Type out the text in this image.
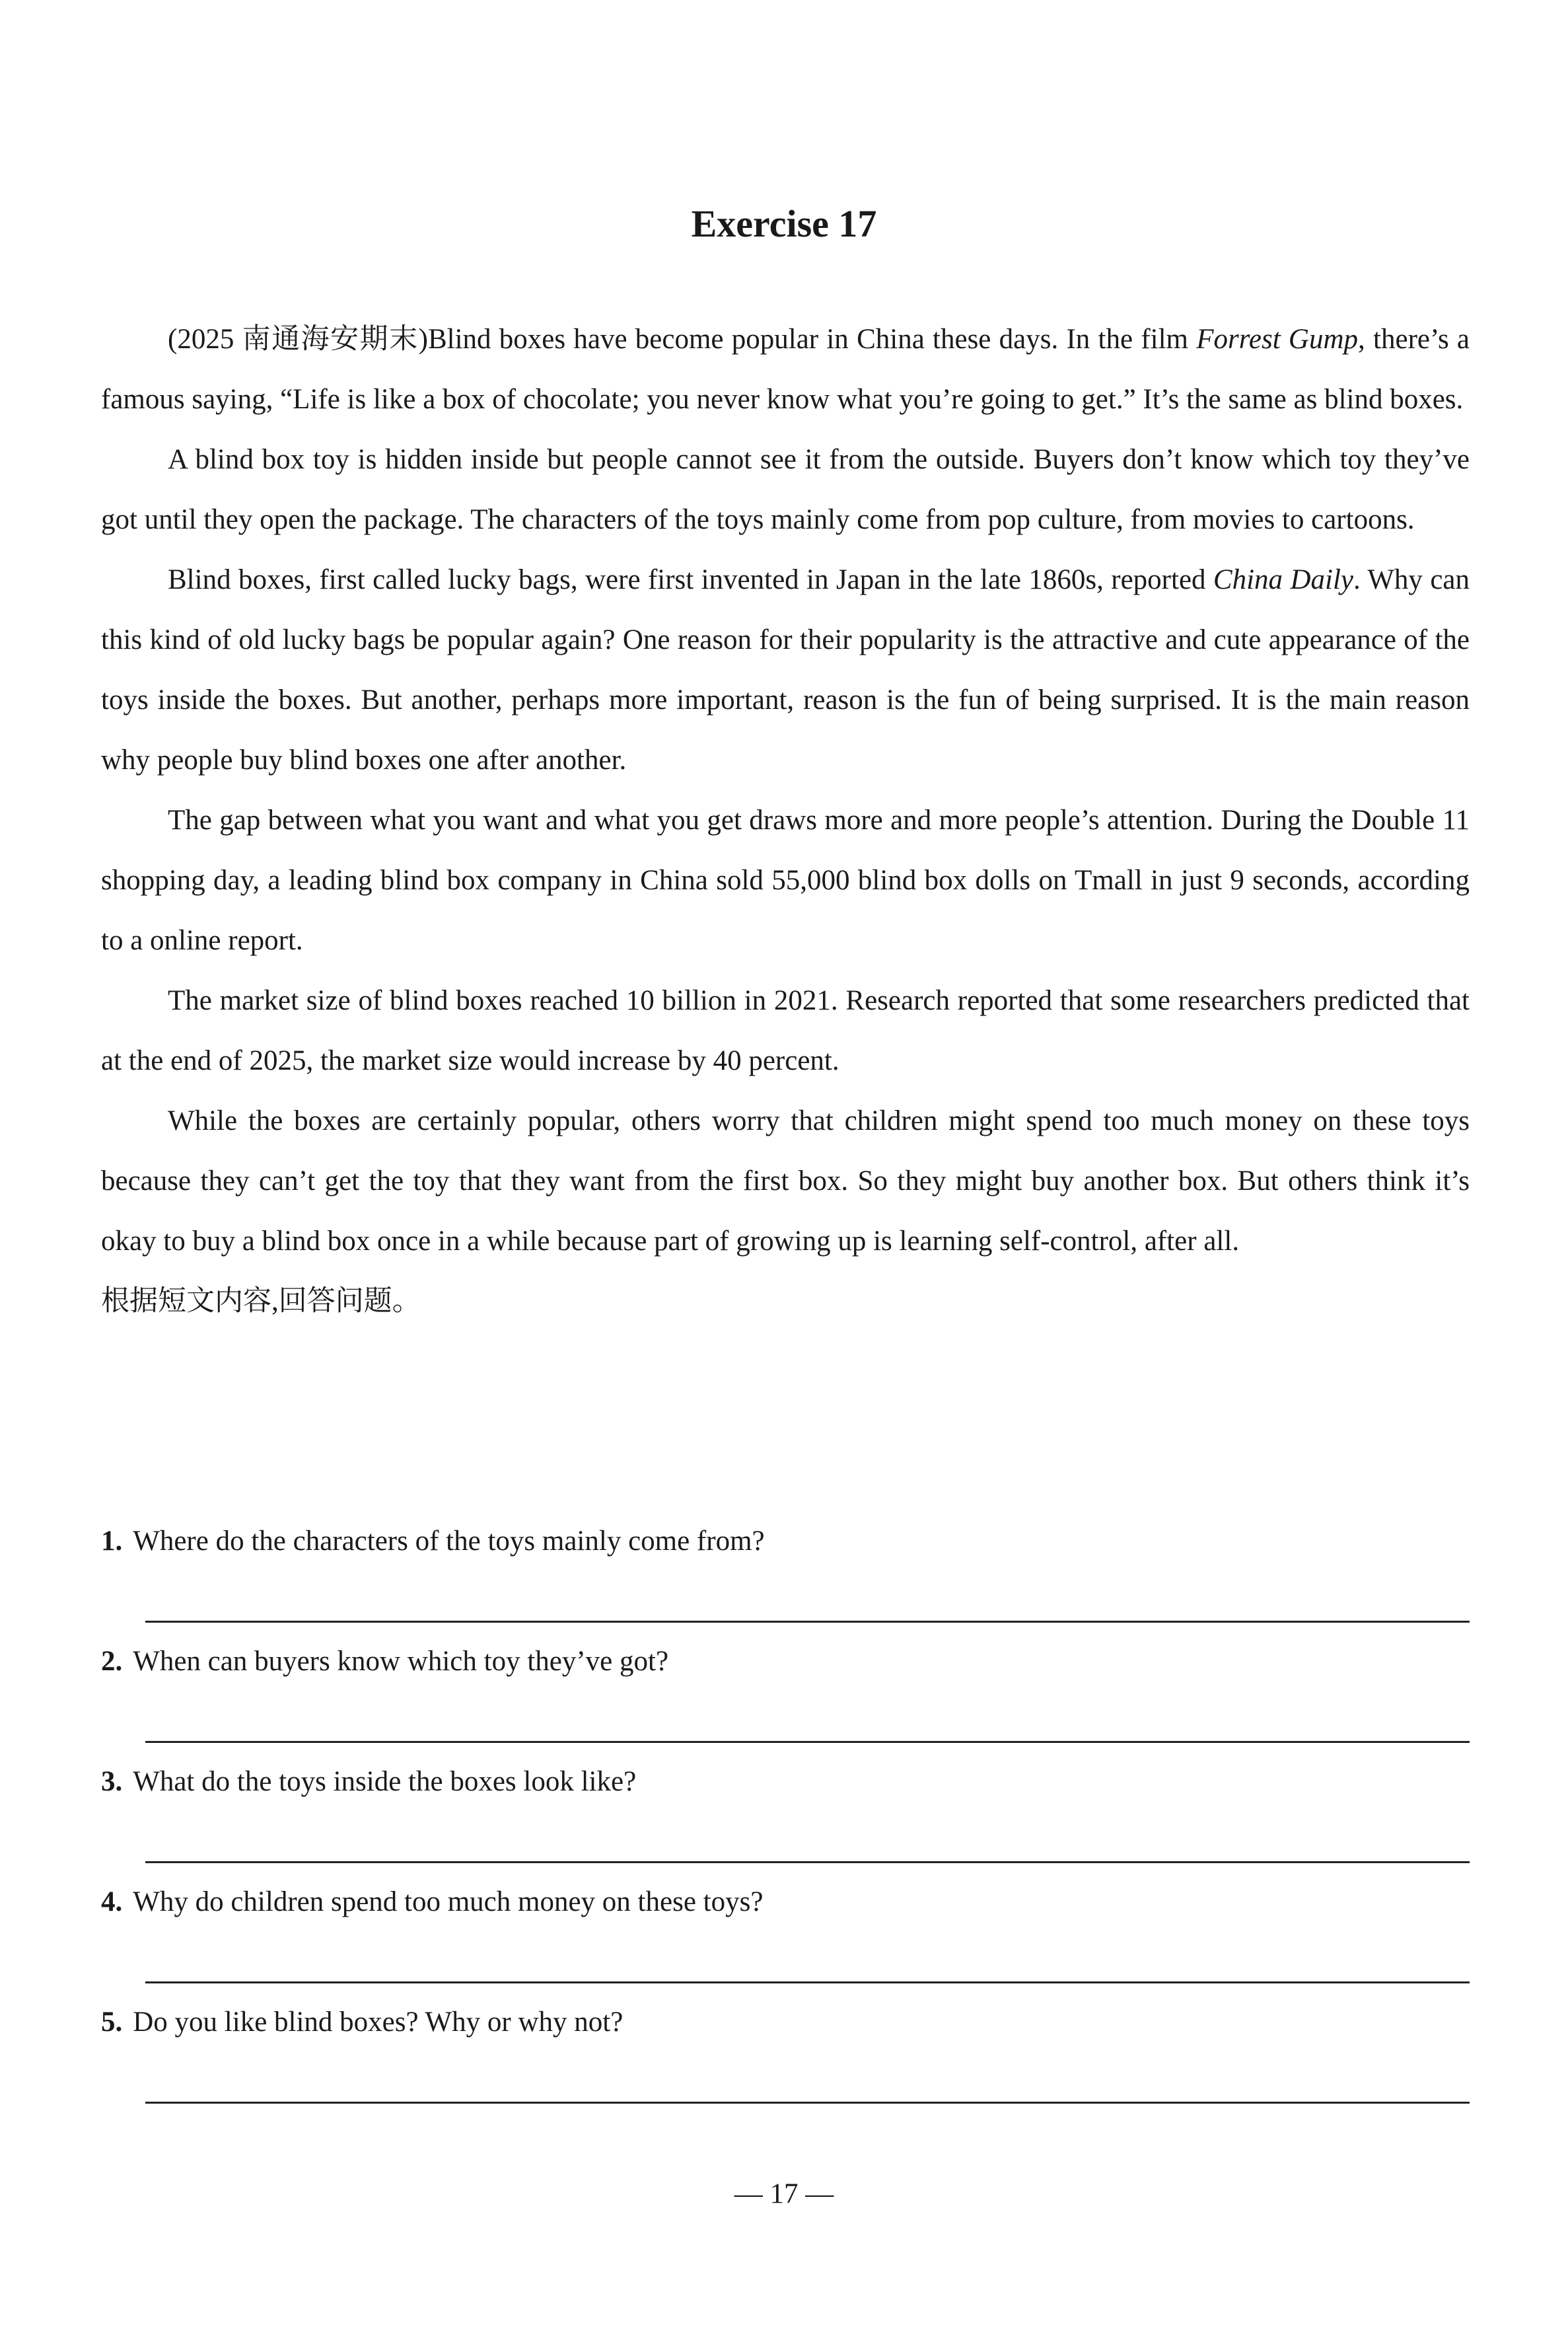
Exercise 17

(2025 南通海安期末)Blind boxes have become popular in China these days. In the film Forrest Gump, there’s a famous saying, “Life is like a box of chocolate; you never know what you’re going to get.” It’s the same as blind boxes.

A blind box toy is hidden inside but people cannot see it from the outside. Buyers don’t know which toy they’ve got until they open the package. The characters of the toys mainly come from pop culture, from movies to cartoons.

Blind boxes, first called lucky bags, were first invented in Japan in the late 1860s, reported China Daily. Why can this kind of old lucky bags be popular again? One reason for their popularity is the attractive and cute appearance of the toys inside the boxes. But another, perhaps more important, reason is the fun of being surprised. It is the main reason why people buy blind boxes one after another.

The gap between what you want and what you get draws more and more people’s attention. During the Double 11 shopping day, a leading blind box company in China sold 55,000 blind box dolls on Tmall in just 9 seconds, according to a online report.

The market size of blind boxes reached 10 billion in 2021. Research reported that some researchers predicted that at the end of 2025, the market size would increase by 40 percent.

While the boxes are certainly popular, others worry that children might spend too much money on these toys because they can’t get the toy that they want from the first box. So they might buy another box. But others think it’s okay to buy a blind box once in a while because part of growing up is learning self-control, after all.

根据短文内容,回答问题。
1. Where do the characters of the toys mainly come from?
2. When can buyers know which toy they’ve got?
3. What do the toys inside the boxes look like?
4. Why do children spend too much money on these toys?
5. Do you like blind boxes? Why or why not?
— 17 —
